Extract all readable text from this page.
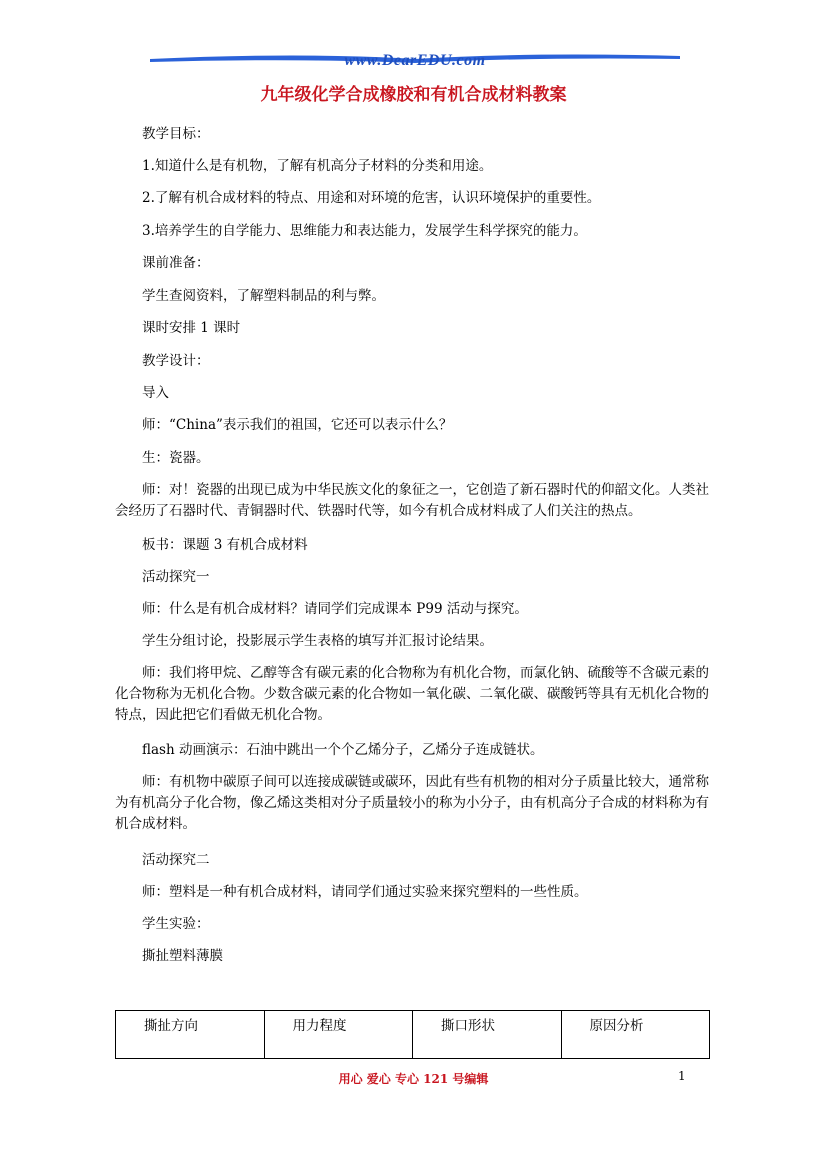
www.DearEDU.com
九年级化学合成橡胶和有机合成材料教案
教学目标：
1.知道什么是有机物，了解有机高分子材料的分类和用途。
2.了解有机合成材料的特点、用途和对环境的危害，认识环境保护的重要性。
3.培养学生的自学能力、思维能力和表达能力，发展学生科学探究的能力。
课前准备：
学生查阅资料，了解塑料制品的利与弊。
课时安排 1 课时
教学设计：
导入
师：“China”表示我们的祖国，它还可以表示什么？
生：瓷器。
师：对！瓷器的出现已成为中华民族文化的象征之一，它创造了新石器时代的仰韶文化。人类社会经历了石器时代、青铜器时代、铁器时代等，如今有机合成材料成了人们关注的热点。
板书：课题 3 有机合成材料
活动探究一
师：什么是有机合成材料？请同学们完成课本 P99 活动与探究。
学生分组讨论，投影展示学生表格的填写并汇报讨论结果。
师：我们将甲烷、乙醇等含有碳元素的化合物称为有机化合物，而氯化钠、硫酸等不含碳元素的化合物称为无机化合物。少数含碳元素的化合物如一氧化碳、二氧化碳、碳酸钙等具有无机化合物的特点，因此把它们看做无机化合物。
flash 动画演示：石油中跳出一个个乙烯分子，乙烯分子连成链状。
师：有机物中碳原子间可以连接成碳链或碳环，因此有些有机物的相对分子质量比较大，通常称为有机高分子化合物，像乙烯这类相对分子质量较小的称为小分子，由有机高分子合成的材料称为有机合成材料。
活动探究二
师：塑料是一种有机合成材料，请同学们通过实验来探究塑料的一些性质。
学生实验：
撕扯塑料薄膜
撕扯方向	用力程度	撕口形状	原因分析
用心 爱心 专心 121 号编辑	1
